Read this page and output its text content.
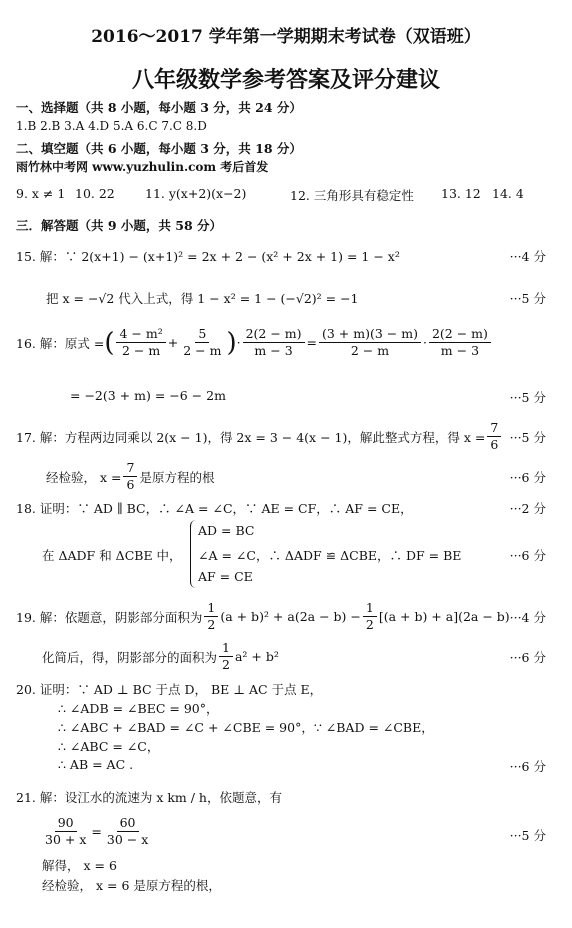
2016～2017 学年第一学期期末考试卷（双语班）
八年级数学参考答案及评分建议
一、选择题（共 8 小题，每小题 3 分，共 24 分）
1.B 2.B 3.A 4.D 5.A 6.C 7.C 8.D
二、填空题（共 6 小题，每小题 3 分，共 18 分）
雨竹林中考网 www.yuzhulin.com 考后首发
9. x ≠ 1 10. 22 11. y(x+2)(x−2)	12. 三角形具有稳定性 13. 12 14. 4
三．解答题（共 9 小题，共 58 分）
15. 解：∵ 2(x+1) − (x+1)² = 2x + 2 − (x² + 2x + 1) = 1 − x²	···4 分
把 x = −√2 代入上式，得 1 − x² = 1 − (−√2)² = −1	···5 分
16. 解：原式 = ( $\frac{\text{4 − m²}}{2 - m} + \frac{5}{2 - m}$ ) · $\frac{2(2 - m)}{m - 3} = \frac{(3 + m)(3 - m)}{2 - m} \cdot \frac{2(2 - m)}{m - 3}$
= −2(3 + m) = −6 − 2m	···5 分
17. 解：方程两边同乘以 2(x − 1)，得 2x = 3 − 4(x − 1)，解此整式方程，得 $x = \frac{7}{6} \cdot\cdot\cdot 5$ 分
经检验， $x = \frac{7}{6}$ 是原方程的根	···6 分
18. 证明：∵ AD ∥ BC，∴ ∠A = ∠C，∵ AE = CF，∴ AF = CE，	···2 分
在 ΔADF 和 ΔCBE 中，
AD = BC
∠A = ∠C，∴ ΔADF ≌ ΔCBE，∴ DF = BE
AF = CE
···6 分
19. 解：依题意，阴影部分面积为 $\frac{1}{2} (a + b)^2 + a(2a - b) - \frac{1}{2} [(a + b) + a](2a - b) \cdot\cdot\cdot 4$ 分
化简后，得，阴影部分的面积为 $\frac{1}{2} a^2 + b^2$	···6 分
20. 证明：∵ AD ⊥ BC 于点 D， BE ⊥ AC 于点 E，
∴ ∠ADB = ∠BEC = 90°，
∴ ∠ABC + ∠BAD = ∠C + ∠CBE = 90°，∵ ∠BAD = ∠CBE，
∴ ∠ABC = ∠C，
∴ AB = AC .	···6 分
21. 解：设江水的流速为 x km / h，依题意，有
$\frac{90}{30 + x} = \frac{60}{30 - x}$	···5 分
解得， x = 6
经检验， x = 6 是原方程的根，
